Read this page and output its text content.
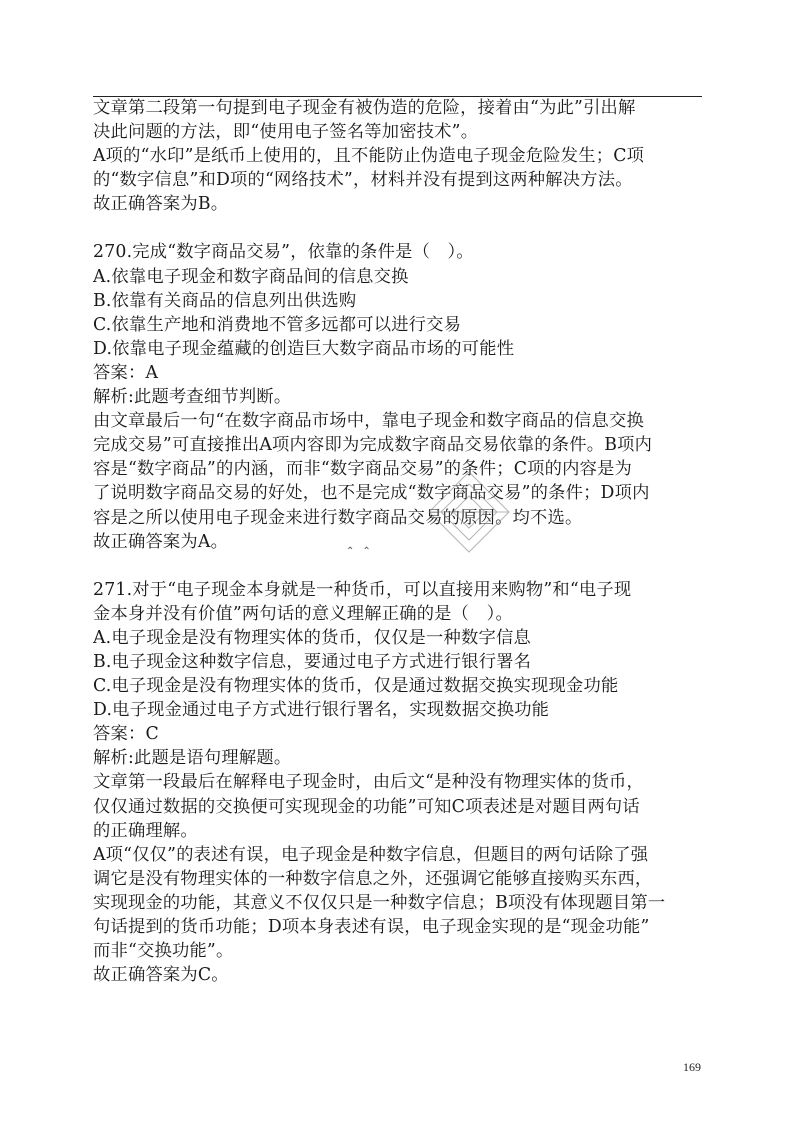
文章第二段第一句提到电子现金有被伪造的危险，接着由“为此”引出解

决此问题的方法，即“使用电子签名等加密技术”。

A项的“水印”是纸币上使用的，且不能防止伪造电子现金危险发生；C项

的“数字信息”和D项的“网络技术”，材料并没有提到这两种解决方法。

故正确答案为B。

270.完成“数字商品交易”，依靠的条件是（　）。

A.依靠电子现金和数字商品间的信息交换

B.依靠有关商品的信息列出供选购

C.依靠生产地和消费地不管多远都可以进行交易

D.依靠电子现金蕴藏的创造巨大数字商品市场的可能性

答案：A

解析:此题考查细节判断。

由文章最后一句“在数字商品市场中，靠电子现金和数字商品的信息交换

完成交易”可直接推出A项内容即为完成数字商品交易依靠的条件。B项内

容是“数字商品”的内涵，而非“数字商品交易”的条件；C项的内容是为

了说明数字商品交易的好处，也不是完成“数字商品交易”的条件；D项内

容是之所以使用电子现金来进行数字商品交易的原因。均不选。

故正确答案为A。

271.对于“电子现金本身就是一种货币，可以直接用来购物”和“电子现

金本身并没有价值”两句话的意义理解正确的是（　）。

A.电子现金是没有物理实体的货币，仅仅是一种数字信息

B.电子现金这种数字信息，要通过电子方式进行银行署名

C.电子现金是没有物理实体的货币，仅是通过数据交换实现现金功能

D.电子现金通过电子方式进行银行署名，实现数据交换功能

答案：C

解析:此题是语句理解题。

文章第一段最后在解释电子现金时，由后文“是种没有物理实体的货币，

仅仅通过数据的交换便可实现现金的功能”可知C项表述是对题目两句话

的正确理解。

A项“仅仅”的表述有误，电子现金是种数字信息，但题目的两句话除了强

调它是没有物理实体的一种数字信息之外，还强调它能够直接购买东西，

实现现金的功能，其意义不仅仅只是一种数字信息；B项没有体现题目第一

句话提到的货币功能；D项本身表述有误，电子现金实现的是“现金功能”

而非“交换功能”。

故正确答案为C。

⌃⌃
169
